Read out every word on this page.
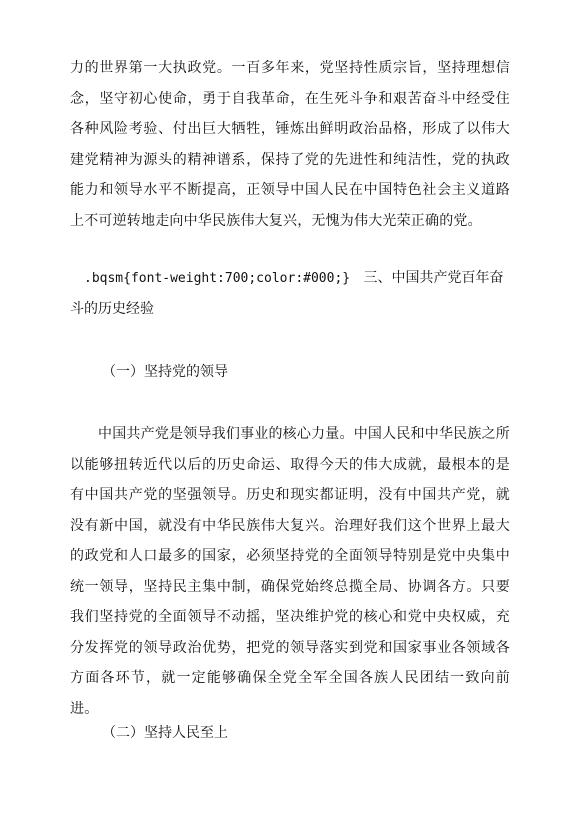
力的世界第一大执政党。一百多年来，党坚持性质宗旨，坚持理想信念，坚守初心使命，勇于自我革命，在生死斗争和艰苦奋斗中经受住各种风险考验、付出巨大牺牲，锤炼出鲜明政治品格，形成了以伟大建党精神为源头的精神谱系，保持了党的先进性和纯洁性，党的执政能力和领导水平不断提高，正领导中国人民在中国特色社会主义道路上不可逆转地走向中华民族伟大复兴，无愧为伟大光荣正确的党。

.bqsm{font-weight:700;color:#000;} 三、中国共产党百年奋斗的历史经验

（一）坚持党的领导

中国共产党是领导我们事业的核心力量。中国人民和中华民族之所以能够扭转近代以后的历史命运、取得今天的伟大成就，最根本的是有中国共产党的坚强领导。历史和现实都证明，没有中国共产党，就没有新中国，就没有中华民族伟大复兴。治理好我们这个世界上最大的政党和人口最多的国家，必须坚持党的全面领导特别是党中央集中统一领导，坚持民主集中制，确保党始终总揽全局、协调各方。只要我们坚持党的全面领导不动摇，坚决维护党的核心和党中央权威，充分发挥党的领导政治优势，把党的领导落实到党和国家事业各领域各方面各环节，就一定能够确保全党全军全国各族人民团结一致向前进。

（二）坚持人民至上
